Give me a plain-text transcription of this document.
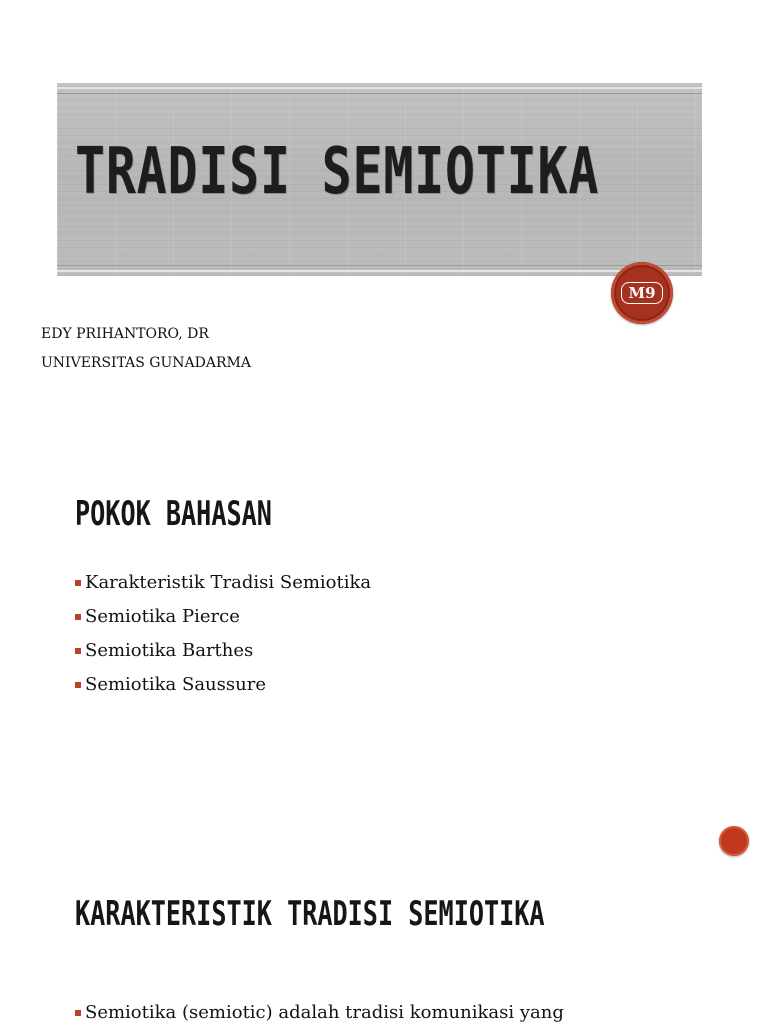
TRADISI SEMIOTIKA
M9
EDY PRIHANTORO, DR
UNIVERSITAS GUNADARMA
POKOK BAHASAN
Karakteristik Tradisi Semiotika
Semiotika Pierce
Semiotika Barthes
Semiotika Saussure
KARAKTERISTIK TRADISI SEMIOTIKA
Semiotika (semiotic) adalah tradisi komunikasi yang
